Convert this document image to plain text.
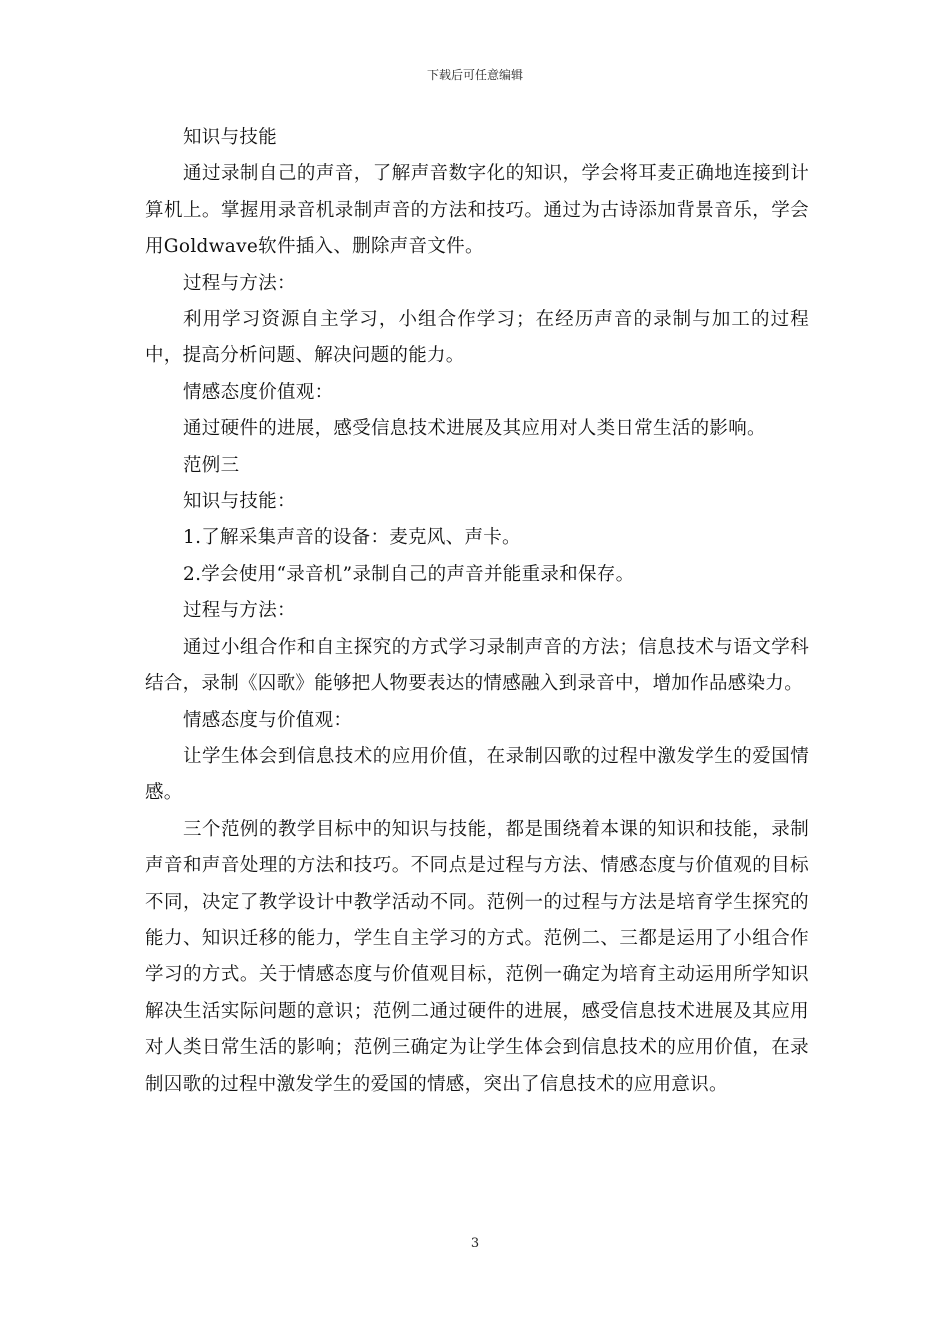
下载后可任意编辑

知识与技能

通过录制自己的声音，了解声音数字化的知识，学会将耳麦正确地连接到计算机上。掌握用录音机录制声音的方法和技巧。通过为古诗添加背景音乐，学会用Goldwave软件插入、删除声音文件。

过程与方法：

利用学习资源自主学习，小组合作学习；在经历声音的录制与加工的过程中，提高分析问题、解决问题的能力。

情感态度价值观：

通过硬件的进展，感受信息技术进展及其应用对人类日常生活的影响。

范例三

知识与技能：

1.了解采集声音的设备：麦克风、声卡。

2.学会使用“录音机”录制自己的声音并能重录和保存。

过程与方法：

通过小组合作和自主探究的方式学习录制声音的方法；信息技术与语文学科结合，录制《囚歌》能够把人物要表达的情感融入到录音中，增加作品感染力。

情感态度与价值观：

让学生体会到信息技术的应用价值，在录制囚歌的过程中激发学生的爱国情感。

三个范例的教学目标中的知识与技能，都是围绕着本课的知识和技能，录制声音和声音处理的方法和技巧。不同点是过程与方法、情感态度与价值观的目标不同，决定了教学设计中教学活动不同。范例一的过程与方法是培育学生探究的能力、知识迁移的能力，学生自主学习的方式。范例二、三都是运用了小组合作学习的方式。关于情感态度与价值观目标，范例一确定为培育主动运用所学知识解决生活实际问题的意识；范例二通过硬件的进展，感受信息技术进展及其应用对人类日常生活的影响；范例三确定为让学生体会到信息技术的应用价值，在录制囚歌的过程中激发学生的爱国的情感，突出了信息技术的应用意识。

3
